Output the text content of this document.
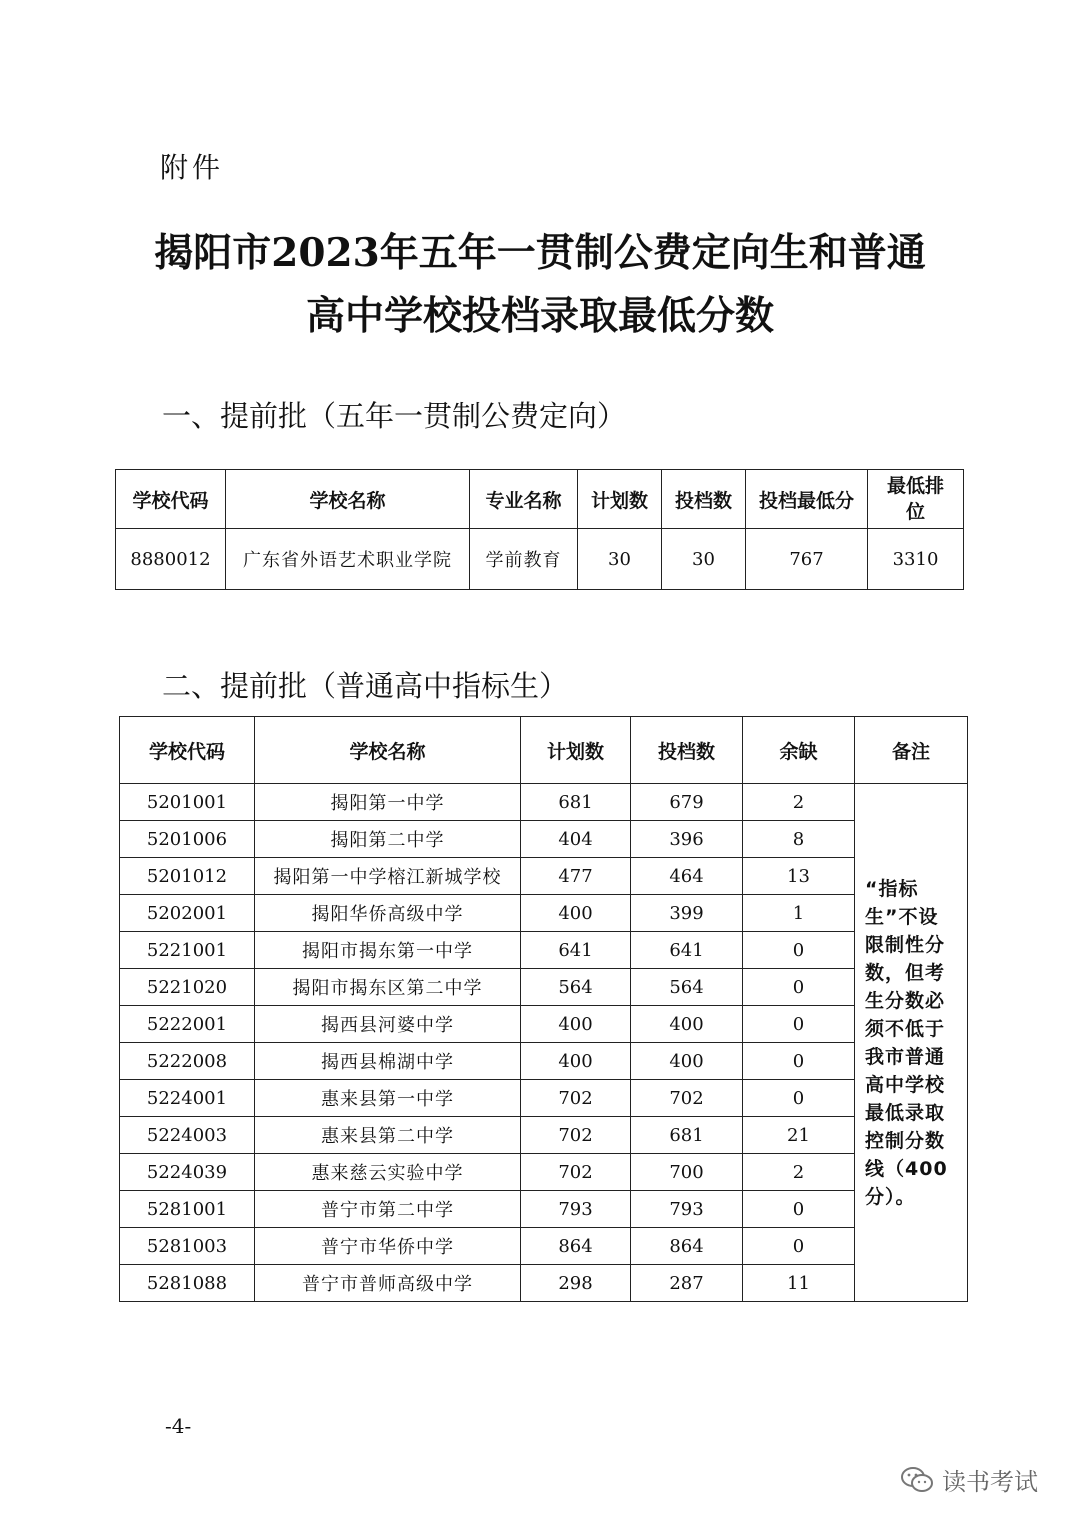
附件
揭阳市2023年五年一贯制公费定向生和普通
高中学校投档录取最低分数
一、提前批（五年一贯制公费定向）
学校代码	学校名称	专业名称	计划数	投档数	投档最低分	最低排位
8880012	广东省外语艺术职业学院	学前教育	30	30	767	3310
二、提前批（普通高中指标生）
学校代码	学校名称	计划数	投档数	余缺	备注
5201001	揭阳第一中学	681	679	2	“指标生”不设限制性分数，但考生分数必须不低于我市普通高中学校最低录取控制分数线（400分）。
5201006	揭阳第二中学	404	396	8	
5201012	揭阳第一中学榕江新城学校	477	464	13	
5202001	揭阳华侨高级中学	400	399	1	
5221001	揭阳市揭东第一中学	641	641	0	
5221020	揭阳市揭东区第二中学	564	564	0	
5222001	揭西县河婆中学	400	400	0	
5222008	揭西县棉湖中学	400	400	0	
5224001	惠来县第一中学	702	702	0	
5224003	惠来县第二中学	702	681	21	
5224039	惠来慈云实验中学	702	700	2	
5281001	普宁市第二中学	793	793	0	
5281003	普宁市华侨中学	864	864	0	
5281088	普宁市普师高级中学	298	287	11	
-4-
读书考试
